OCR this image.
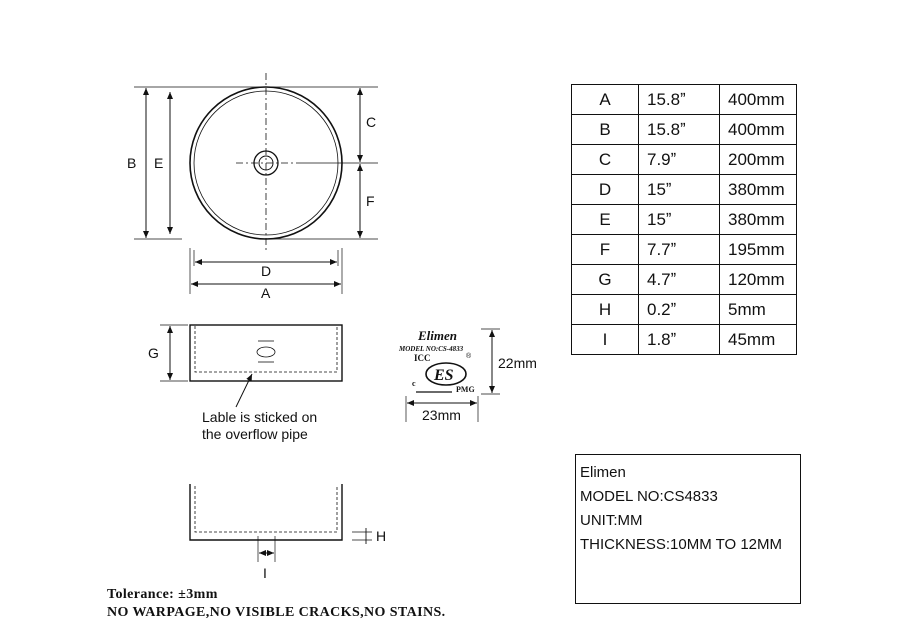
B E
C
F
D
A
G
Lable is sticked on
the overflow pipe
Elimen
MODEL NO:CS-4833
ICC	®
ES
c
PMG
22mm
23mm
H
I
A	15.8ˮ	400mm
B	15.8ˮ	400mm
C	7.9ˮ	200mm
D	15ˮ	380mm
E	15ˮ	380mm
F	7.7ˮ	195mm
G	4.7ˮ	120mm
H	0.2ˮ	5mm
I	1.8ˮ	45mm
Elimen
MODEL NO:CS4833
UNIT:MM
THICKNESS:10MM TO 12MM
Tolerance: ±3mm
NO WARPAGE,NO VISIBLE CRACKS,NO STAINS.
